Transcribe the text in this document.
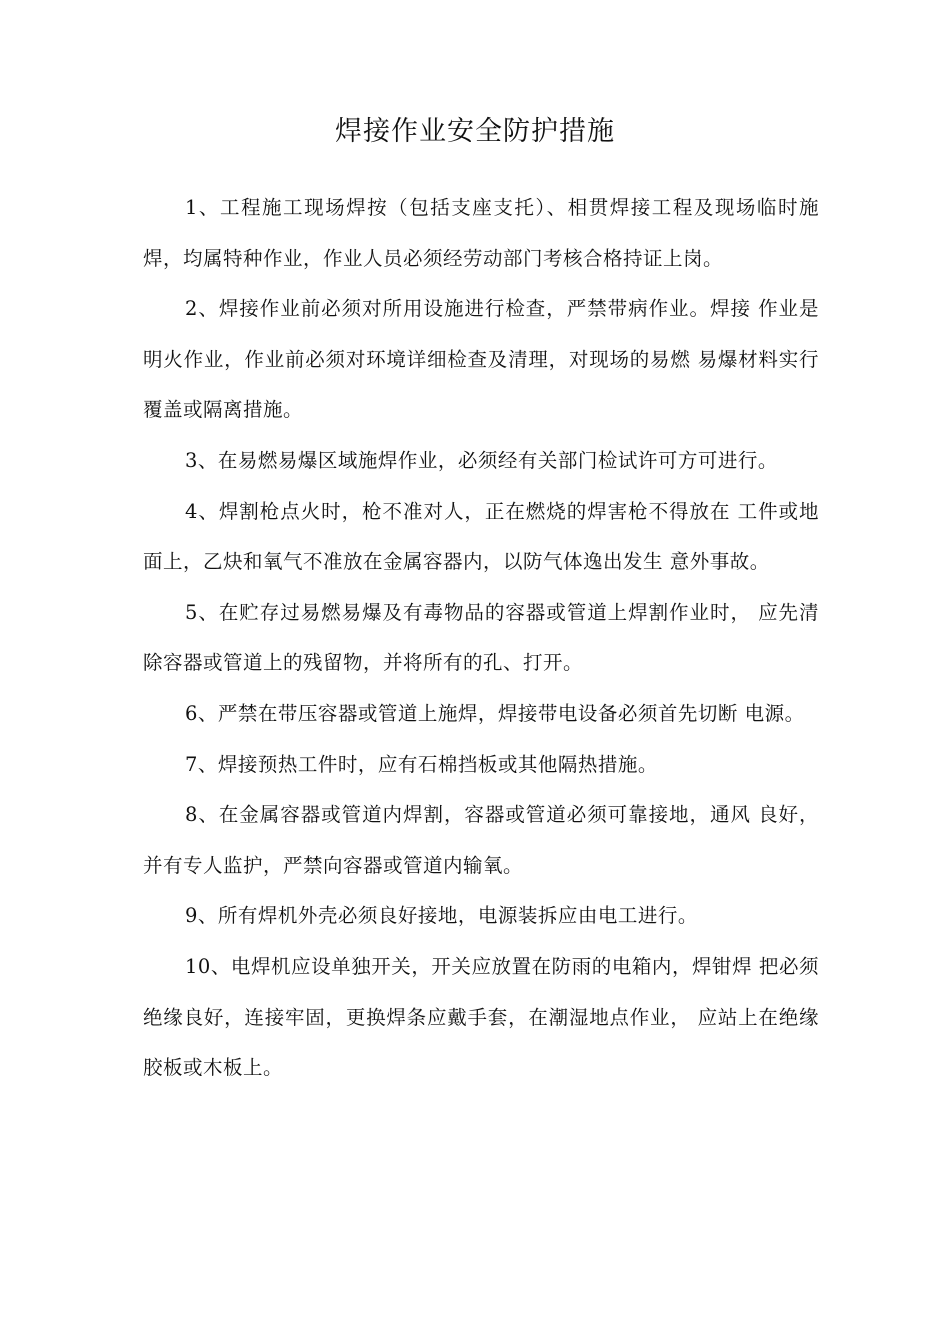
焊接作业安全防护措施

1、工程施工现场焊按（包括支座支托）、相贯焊接工程及现场临时施焊，均属特种作业，作业人员必须经劳动部门考核合格持证上岗。

2、焊接作业前必须对所用设施进行检查，严禁带病作业。焊接 作业是明火作业，作业前必须对环境详细检查及清理，对现场的易燃 易爆材料实行覆盖或隔离措施。

3、在易燃易爆区域施焊作业，必须经有关部门检试许可方可进行。

4、焊割枪点火时，枪不准对人，正在燃烧的焊害枪不得放在 工件或地面上，乙炔和氧气不准放在金属容器内，以防气体逸出发生 意外事故。

5、在贮存过易燃易爆及有毒物品的容器或管道上焊割作业时， 应先清除容器或管道上的残留物，并将所有的孔、打开。

6、严禁在带压容器或管道上施焊，焊接带电设备必须首先切断 电源。

7、焊接预热工件时，应有石棉挡板或其他隔热措施。

8、在金属容器或管道内焊割，容器或管道必须可靠接地，通风 良好，并有专人监护，严禁向容器或管道内输氧。

9、所有焊机外壳必须良好接地，电源装拆应由电工进行。

10、电焊机应设单独开关，开关应放置在防雨的电箱内，焊钳焊 把必须绝缘良好，连接牢固，更换焊条应戴手套，在潮湿地点作业， 应站上在绝缘胶板或木板上。
